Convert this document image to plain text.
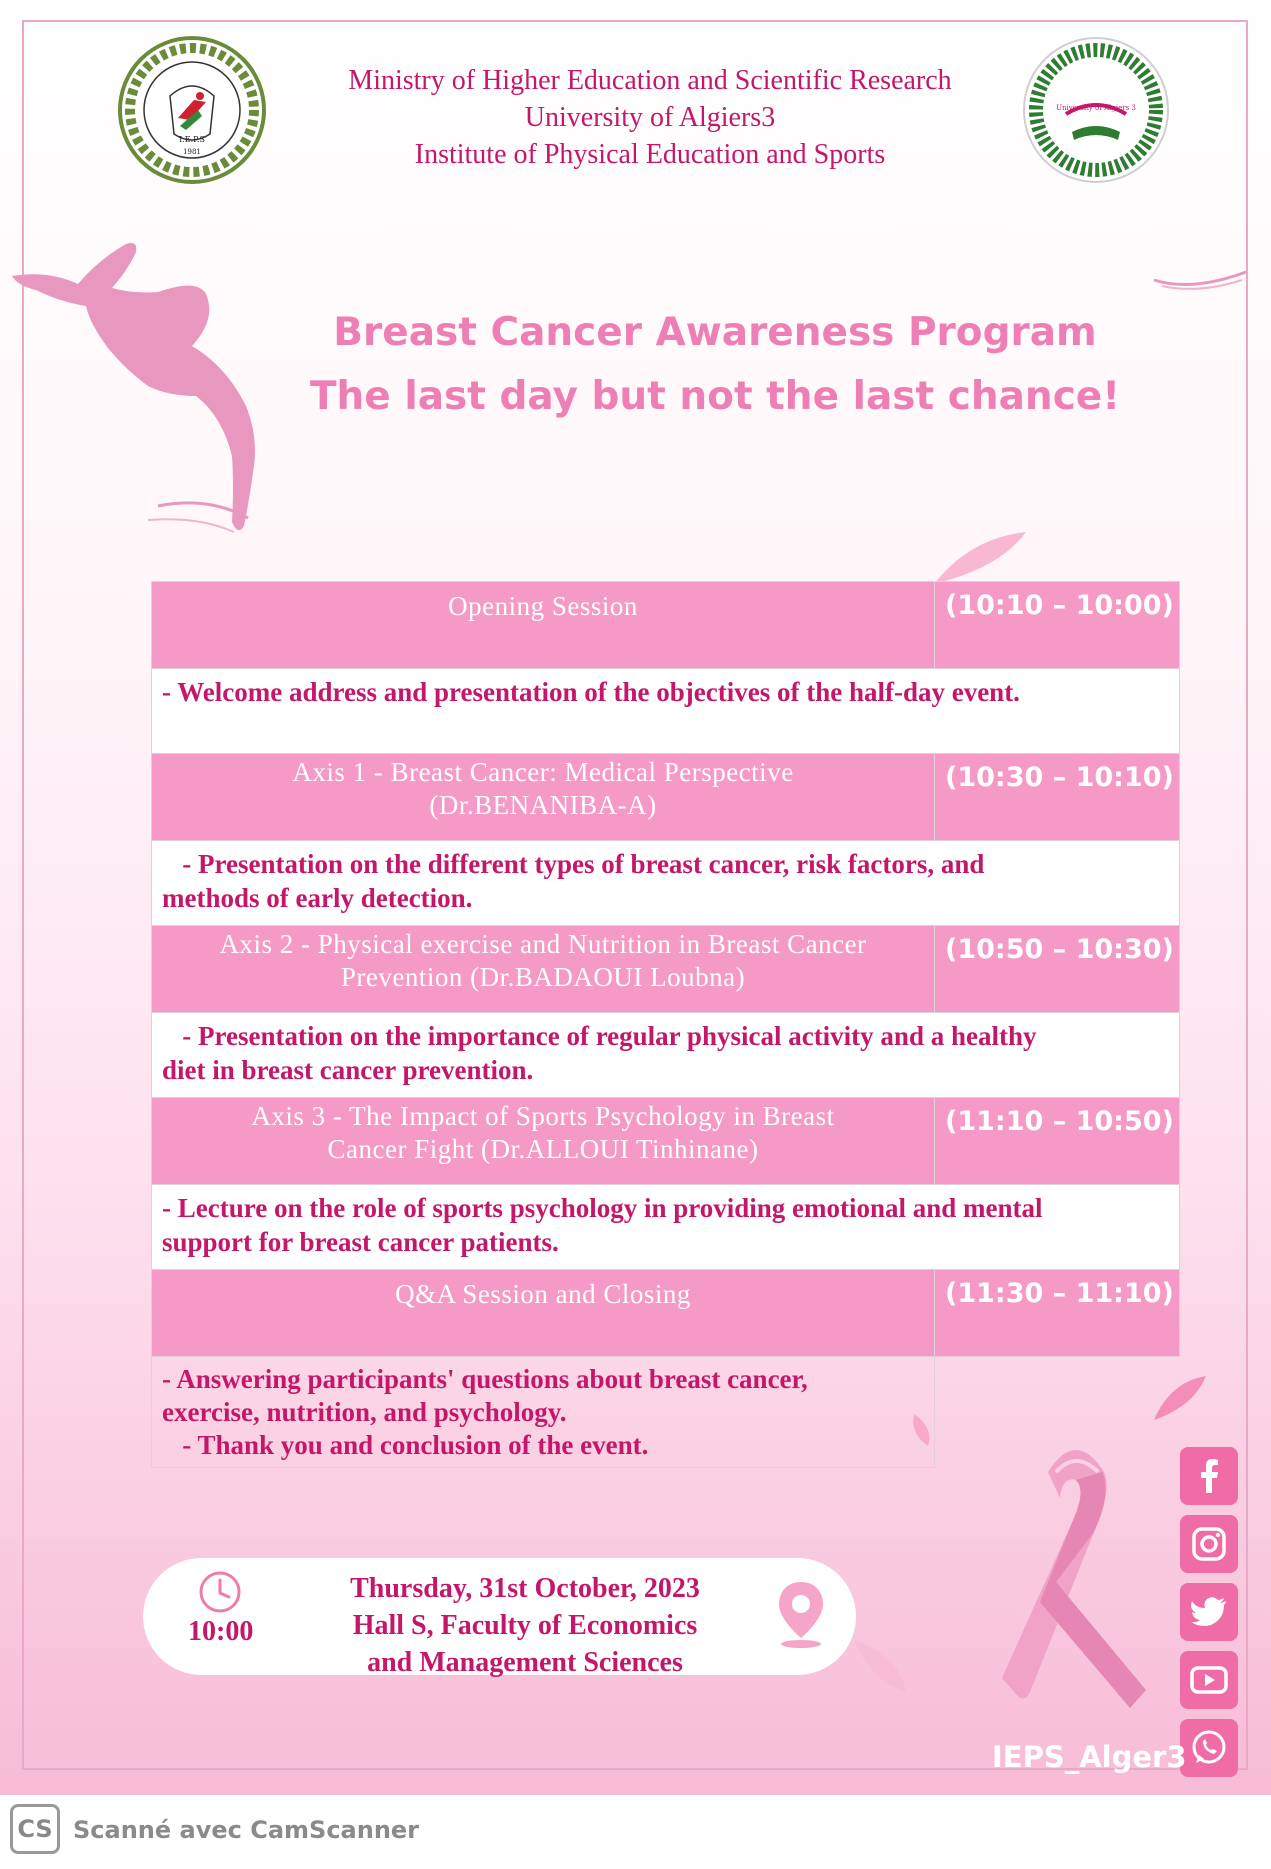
I.E.P.S
1981
Ministry of Higher Education and Scientific Research
University of Algiers3
Institute of Physical Education and Sports
University of Algiers 3
Breast Cancer Awareness Program
The last day but not the last chance!
Opening Session	(10:10 – 10:00)

- Welcome address and presentation of the objectives of the half-day event.	

Axis 1 - Breast Cancer: Medical Perspective
(Dr.BENANIBA-A)	(10:30 – 10:10)

- Presentation on the different types of breast cancer, risk factors, and
methods of early detection.	

Axis 2 - Physical exercise and Nutrition in Breast Cancer
Prevention (Dr.BADAOUI Loubna)	(10:50 – 10:30)

- Presentation on the importance of regular physical activity and a healthy
diet in breast cancer prevention.	

Axis 3 - The Impact of Sports Psychology in Breast
Cancer Fight (Dr.ALLOUI Tinhinane)	(11:10 – 10:50)

- Lecture on the role of sports psychology in providing emotional and mental
support for breast cancer patients.	

Q&A Session and Closing	(11:30 – 11:10)

- Answering participants' questions about breast cancer,
exercise, nutrition, and psychology.
- Thank you and conclusion of the event.	

10:00
Thursday, 31st October, 2023
Hall S, Faculty of Economics
and Management Sciences
IEPS_Alger3
CS Scanné avec CamScanner
